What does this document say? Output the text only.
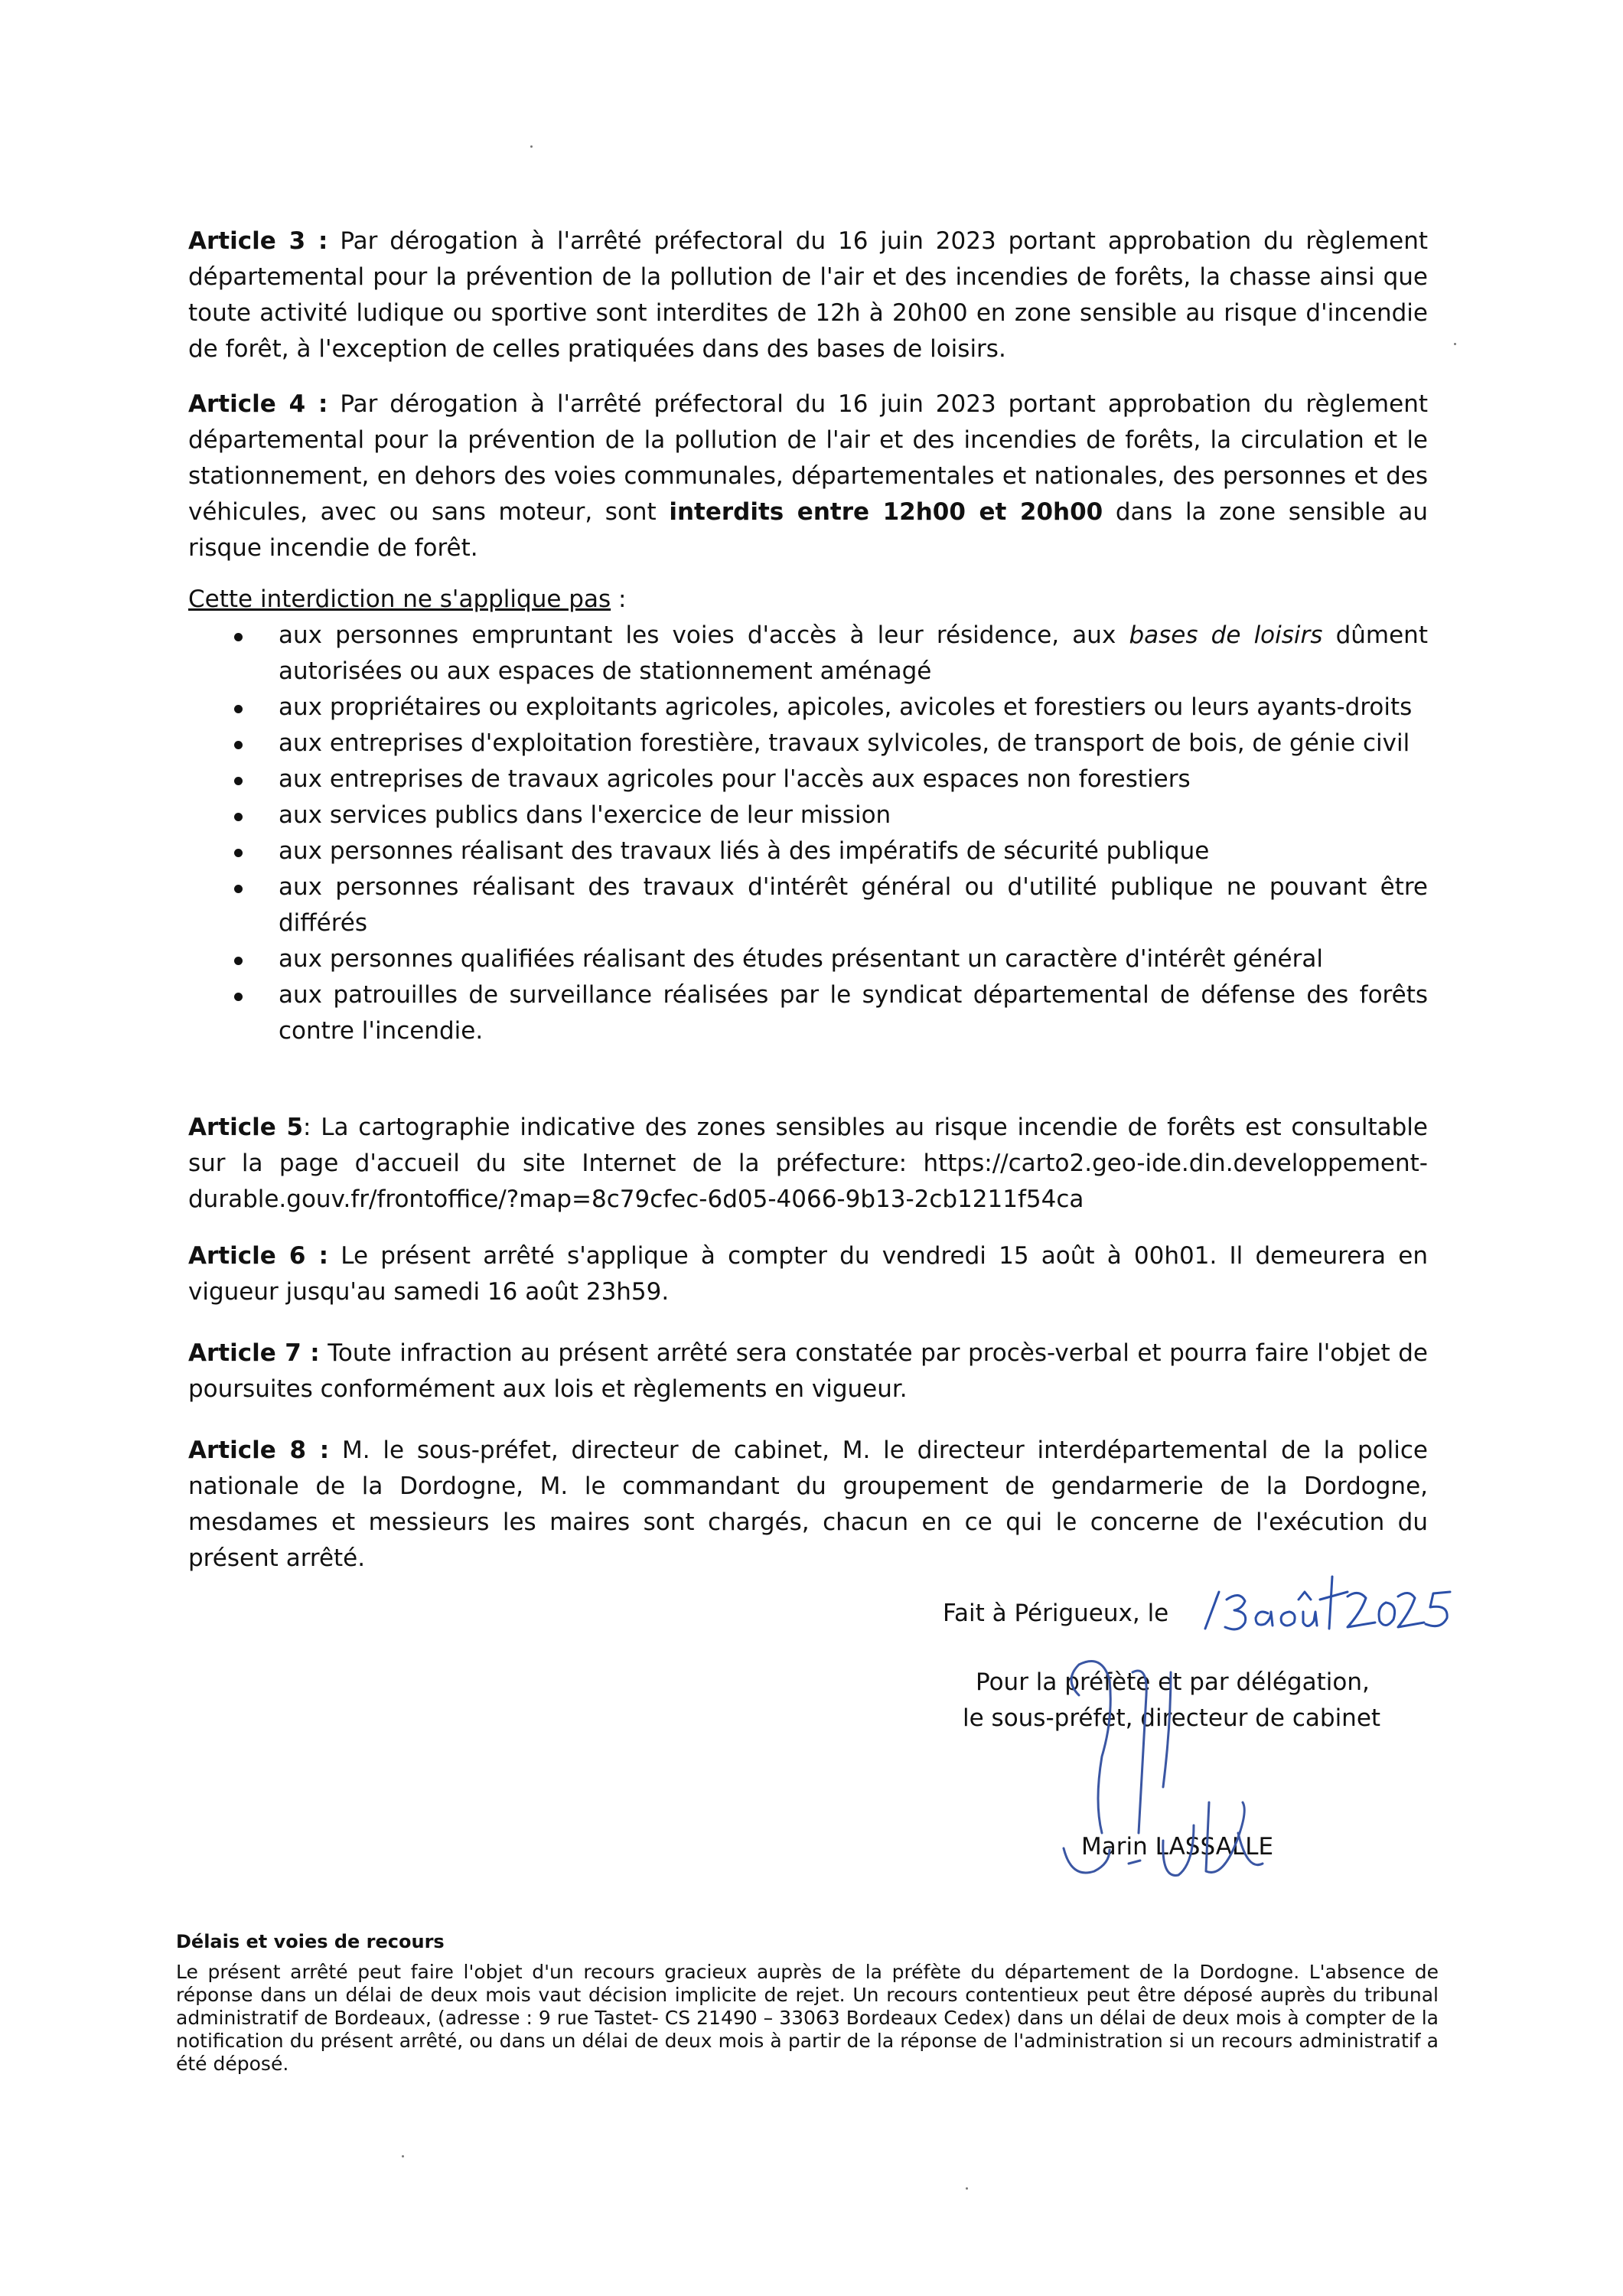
Article 3 : Par dérogation à l'arrêté préfectoral du 16 juin 2023 portant approbation du règlement départemental pour la prévention de la pollution de l'air et des incendies de forêts, la chasse ainsi que toute activité ludique ou sportive sont interdites de 12h à 20h00 en zone sensible au risque d'incendie de forêt, à l'exception de celles pratiquées dans des bases de loisirs.

Article 4 : Par dérogation à l'arrêté préfectoral du 16 juin 2023 portant approbation du règlement départemental pour la prévention de la pollution de l'air et des incendies de forêts, la circulation et le stationnement, en dehors des voies communales, départementales et nationales, des personnes et des véhicules, avec ou sans moteur, sont interdits entre 12h00 et 20h00 dans la zone sensible au risque incendie de forêt.

Cette interdiction ne s'applique pas :

aux personnes empruntant les voies d'accès à leur résidence, aux bases de loisirs dûment autorisées ou aux espaces de stationnement aménagé
aux propriétaires ou exploitants agricoles, apicoles, avicoles et forestiers ou leurs ayants-droits
aux entreprises d'exploitation forestière, travaux sylvicoles, de transport de bois, de génie civil
aux entreprises de travaux agricoles pour l'accès aux espaces non forestiers
aux services publics dans l'exercice de leur mission
aux personnes réalisant des travaux liés à des impératifs de sécurité publique
aux personnes réalisant des travaux d'intérêt général ou d'utilité publique ne pouvant être différés
aux personnes qualifiées réalisant des études présentant un caractère d'intérêt général
aux patrouilles de surveillance réalisées par le syndicat départemental de défense des forêts contre l'incendie.

Article 5: La cartographie indicative des zones sensibles au risque incendie de forêts est consultable sur la page d'accueil du site Internet de la préfecture: https://carto2.geo-ide.din.developpement-durable.gouv.fr/frontoffice/?map=8c79cfec-6d05-4066-9b13-2cb1211f54ca

Article 6 : Le présent arrêté s'applique à compter du vendredi 15 août à 00h01. Il demeurera en vigueur jusqu'au samedi 16 août 23h59.

Article 7 : Toute infraction au présent arrêté sera constatée par procès-verbal et pourra faire l'objet de poursuites conformément aux lois et règlements en vigueur.

Article 8 : M. le sous-préfet, directeur de cabinet, M. le directeur interdépartemental de la police nationale de la Dordogne, M. le commandant du groupement de gendarmerie de la Dordogne, mesdames et messieurs les maires sont chargés, chacun en ce qui le concerne de l'exécution du présent arrêté.

Fait à Périgueux, le
Pour la préfète et par délégation,
le sous-préfet, directeur de cabinet
Marin LASSALLE
Délais et voies de recours
Le présent arrêté peut faire l'objet d'un recours gracieux auprès de la préfète du département de la Dordogne. L'absence de réponse dans un délai de deux mois vaut décision implicite de rejet. Un recours contentieux peut être déposé auprès du tribunal administratif de Bordeaux, (adresse : 9 rue Tastet- CS 21490 – 33063 Bordeaux Cedex) dans un délai de deux mois à compter de la notification du présent arrêté, ou dans un délai de deux mois à partir de la réponse de l'administration si un recours administratif a été déposé.
